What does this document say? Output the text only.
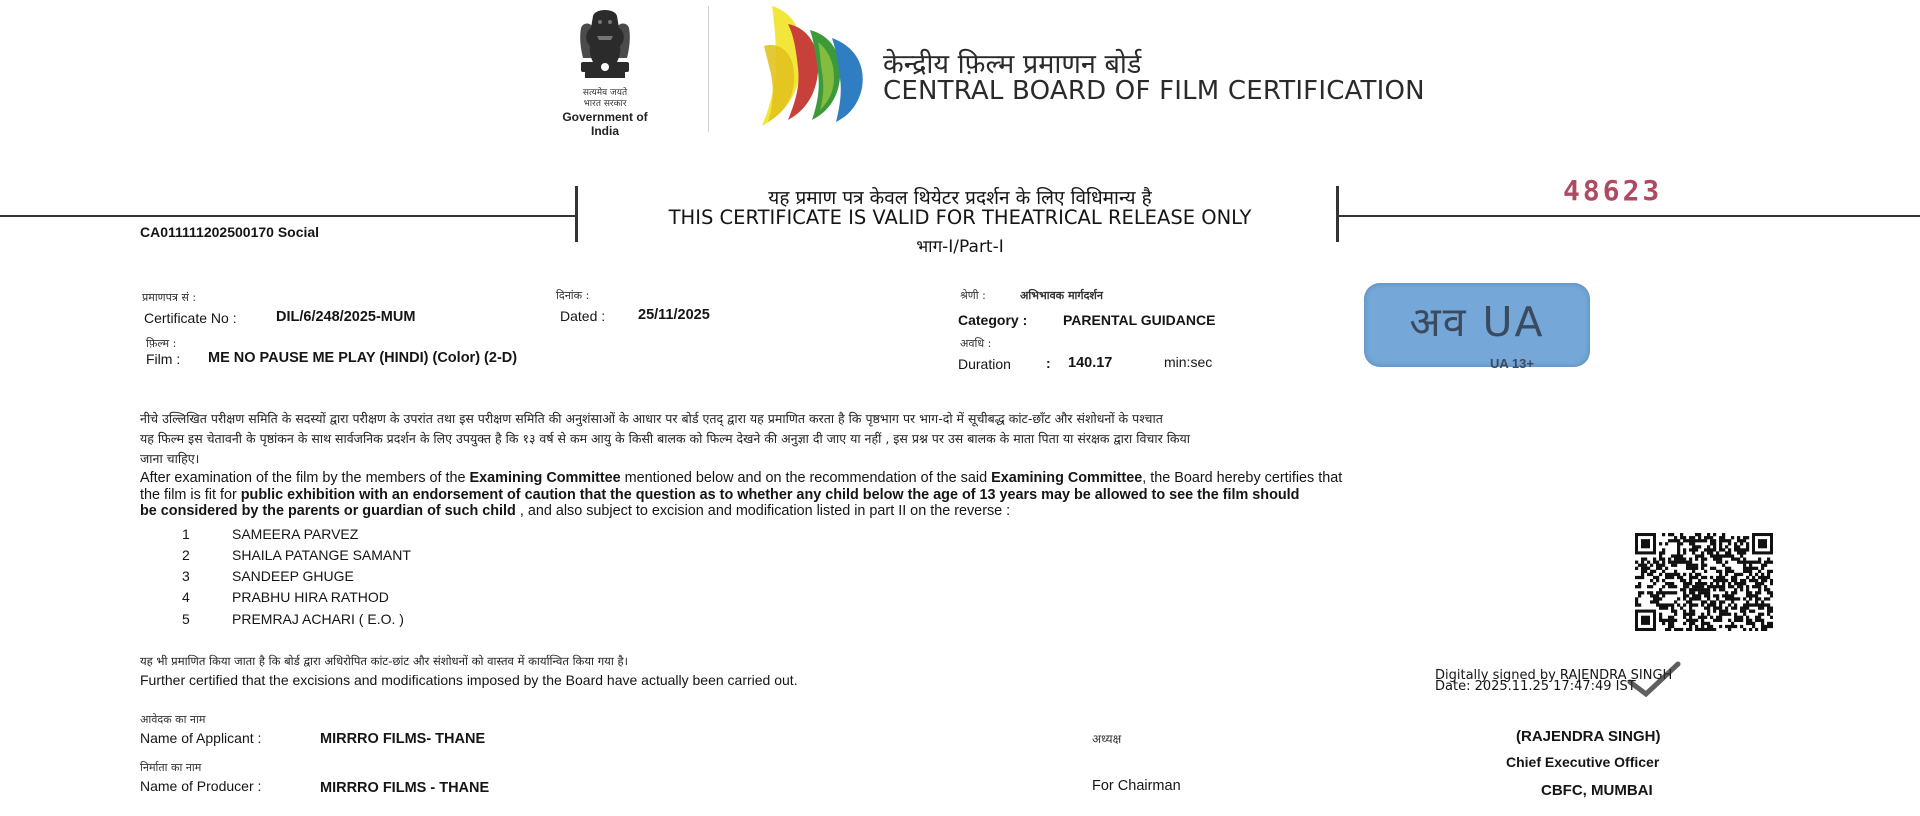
सत्यमेव जयते
भारत सरकार
Government of India
केन्द्रीय फ़िल्म प्रमाणन बोर्ड
CENTRAL BOARD OF FILM CERTIFICATION
यह प्रमाण पत्र केवल थियेटर प्रदर्शन के लिए विधिमान्य है
THIS CERTIFICATE IS VALID FOR THEATRICAL RELEASE ONLY
भाग-I/Part-I
48623
CA011111202500170 Social
प्रमाणपत्र सं :
Certificate No :	DIL/6/248/2025-MUM
दिनांक :
Dated : 25/11/2025
श्रेणी :	अभिभावक मार्गदर्शन
Category :	PARENTAL GUIDANCE
फ़िल्म :
Film : ME NO PAUSE ME PLAY (HINDI) (Color) (2-D)
अवधि :
Duration	: 140.17	min:sec
अव UA
UA 13+
नीचे उल्लिखित परीक्षण समिति के सदस्यों द्वारा परीक्षण के उपरांत तथा इस परीक्षण समिति की अनुशंसाओं के आधार पर बोर्ड एतद् द्वारा यह प्रमाणित करता है कि पृष्ठभाग पर भाग-दो में सूचीबद्ध कांट-छाँट और संशोधनों के पश्चात
यह फिल्म इस चेतावनी के पृष्ठांकन के साथ सार्वजनिक प्रदर्शन के लिए उपयुक्त है कि १३ वर्ष से कम आयु के किसी बालक को फिल्म देखने की अनुज्ञा दी जाए या नहीं , इस प्रश्न पर उस बालक के माता पिता या संरक्षक द्वारा विचार किया
जाना चाहिए।
After examination of the film by the members of the Examining Committee mentioned below and on the recommendation of the said Examining Committee, the Board hereby certifies that
the film is fit for public exhibition with an endorsement of caution that the question as to whether any child below the age of 13 years may be allowed to see the film should
be considered by the parents or guardian of such child , and also subject to excision and modification listed in part II on the reverse :
1	SAMEERA PARVEZ
2	SHAILA PATANGE SAMANT
3	SANDEEP GHUGE
4	PRABHU HIRA RATHOD
5	PREMRAJ ACHARI ( E.O. )
यह भी प्रमाणित किया जाता है कि बोर्ड द्वारा अधिरोपित कांट-छांट और संशोधनों को वास्तव में कार्यान्वित किया गया है।
Further certified that the excisions and modifications imposed by the Board have actually been carried out.	Digitally signed by RAJENDRA SINGH
Date: 2025.11.25 17:47:49 IST
(RAJENDRA SINGH)
Chief Executive Officer
CBFC, MUMBAI
आवेदक का नाम
Name of Applicant :	MIRRRO FILMS- THANE
निर्माता का नाम
Name of Producer :	MIRRRO FILMS - THANE
अध्यक्ष
For Chairman
